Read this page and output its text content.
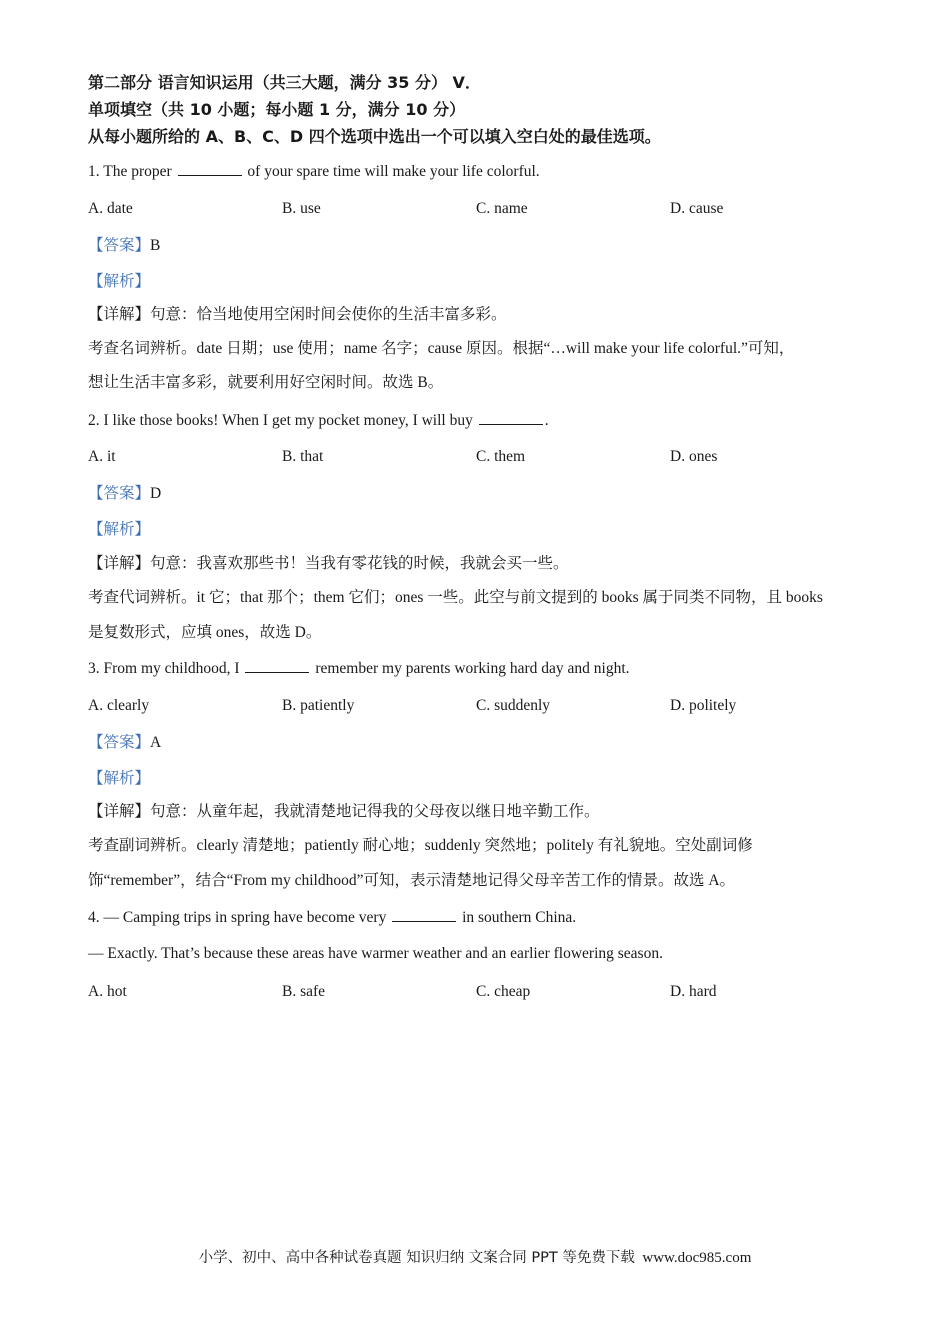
第二部分 语言知识运用（共三大题，满分 35 分） Ⅴ．
单项填空（共 10 小题；每小题 1 分，满分 10 分）
从每小题所给的 A、B、C、D 四个选项中选出一个可以填入空白处的最佳选项。
1. The proper	of your spare time will make your life colorful.
A. date	B. use	C. name	D. cause
【答案】B
【解析】
【详解】句意：恰当地使用空闲时间会使你的生活丰富多彩。
考查名词辨析。date 日期；use 使用；name 名字；cause 原因。根据“…will make your life colorful.”可知，
想让生活丰富多彩，就要利用好空闲时间。故选 B。
2. I like those books! When I get my pocket money, I will buy	.
A. it	B. that	C. them	D. ones
【答案】D
【解析】
【详解】句意：我喜欢那些书！当我有零花钱的时候，我就会买一些。
考查代词辨析。it 它；that 那个；them 它们；ones 一些。此空与前文提到的 books 属于同类不同物，且 books
是复数形式，应填 ones，故选 D。
3. From my childhood, I	remember my parents working hard day and night.
A. clearly	B. patiently	C. suddenly	D. politely
【答案】A
【解析】
【详解】句意：从童年起，我就清楚地记得我的父母夜以继日地辛勤工作。
考查副词辨析。clearly 清楚地；patiently 耐心地；suddenly 突然地；politely 有礼貌地。空处副词修
饰“remember”，结合“From my childhood”可知，表示清楚地记得父母辛苦工作的情景。故选 A。
4. — Camping trips in spring have become very	in southern China.
— Exactly. That’s because these areas have warmer weather and an earlier flowering season.
A. hot	B. safe	C. cheap	D. hard
小学、初中、高中各种试卷真题 知识归纳 文案合同 PPT 等免费下载 www.doc985.com
